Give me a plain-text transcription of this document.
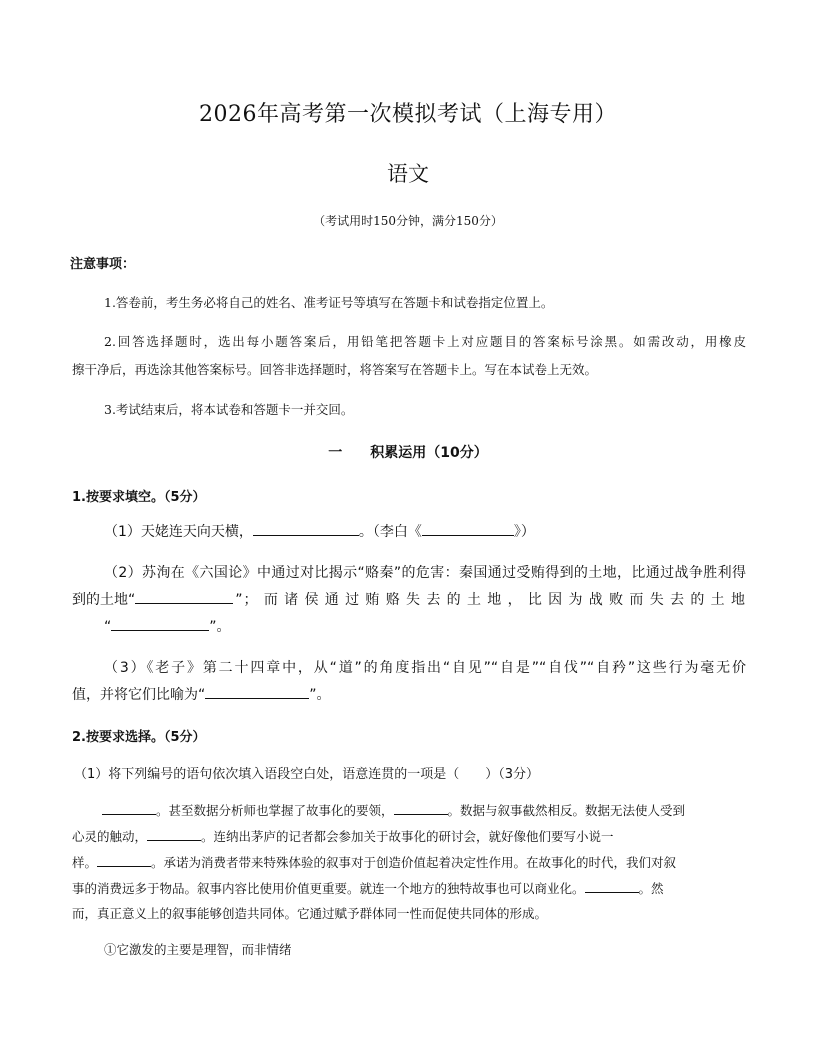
2026年高考第一次模拟考试（上海专用）
语文
（考试用时150分钟，满分150分）
注意事项：
1.答卷前，考生务必将自己的姓名、准考证号等填写在答题卡和试卷指定位置上。
2.回答选择题时，选出每小题答案后，用铅笔把答题卡上对应题目的答案标号涂黑。如需改动，用橡皮
擦干净后，再选涂其他答案标号。回答非选择题时，将答案写在答题卡上。写在本试卷上无效。
3.考试结束后，将本试卷和答题卡一并交回。
一　　积累运用（10分）
1.按要求填空。（5分）
（1）天姥连天向天横，	。（李白《	》）
（2）苏洵在《六国论》中通过对比揭示“赂秦”的危害：秦国通过受贿得到的土地，比通过战争胜利得
到的土地“	”；而诸侯通过贿赂失去的土地，比因为战败而失去的土地
“	”。
（3）《老子》第二十四章中，从“道”的角度指出“自见”“自是”“自伐”“自矜”这些行为毫无价
值，并将它们比喻为“	”。
2.按要求选择。（5分）
（1）将下列编号的语句依次填入语段空白处，语意连贯的一项是（　　）（3分）
。甚至数据分析师也掌握了故事化的要领，	。数据与叙事截然相反。数据无法使人受到
心灵的触动，	。连纳出茅庐的记者都会参加关于故事化的研讨会，就好像他们要写小说一
样。	。承诺为消费者带来特殊体验的叙事对于创造价值起着决定性作用。在故事化的时代，我们对叙
事的消费远多于物品。叙事内容比使用价值更重要。就连一个地方的独特故事也可以商业化。	。然
而，真正意义上的叙事能够创造共同体。它通过赋予群体同一性而促使共同体的形成。
①它激发的主要是理智，而非情绪
